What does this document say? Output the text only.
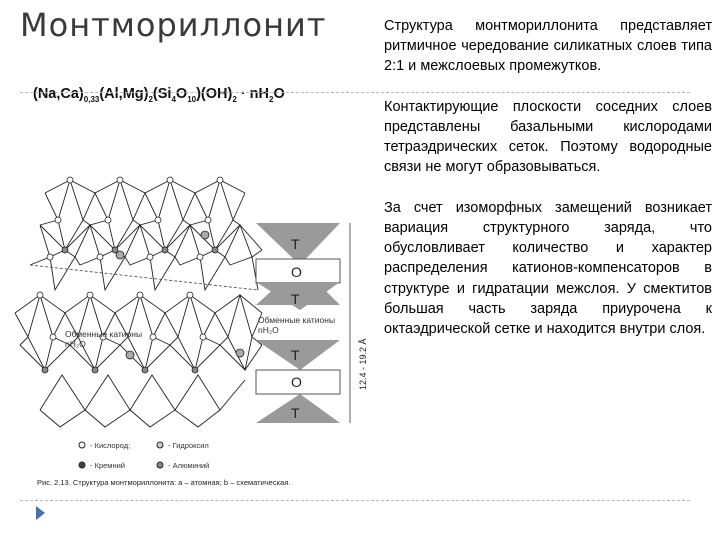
Монтмориллонит
$(Na,Ca)_{0,33}(Al,Mg)_2(Si_4O_{10})(OH)_2 \cdot nH_2O$

Структура монтмориллонита представляет ритмичное чередование силикатных слоев типа 2:1 и межслоевых промежутков.

Контактирующие плоскости соседних слоев представлены базальными кислородами тетраэдрических сеток. Поэтому водородные связи не могут образовываться.

За счет изоморфных замещений возникает вариация структурного заряда, что обусловливает количество и характер распределения катионов-компенсаторов в структуре и гидратации межслоя. У смектитов большая часть заряда приурочена к октаэдрической сетке и находится внутри слоя.

Обменные катионы
nH₂O
T
O
T
Обменные катионы
nH₂O
T
O
T
12.4 - 19.2 Å
- Кислород;	- Гидроксил
- Кремний	- Алюминий
Рис. 2.13. Структура монтмориллонита: а – атомная; b – схематическая.
